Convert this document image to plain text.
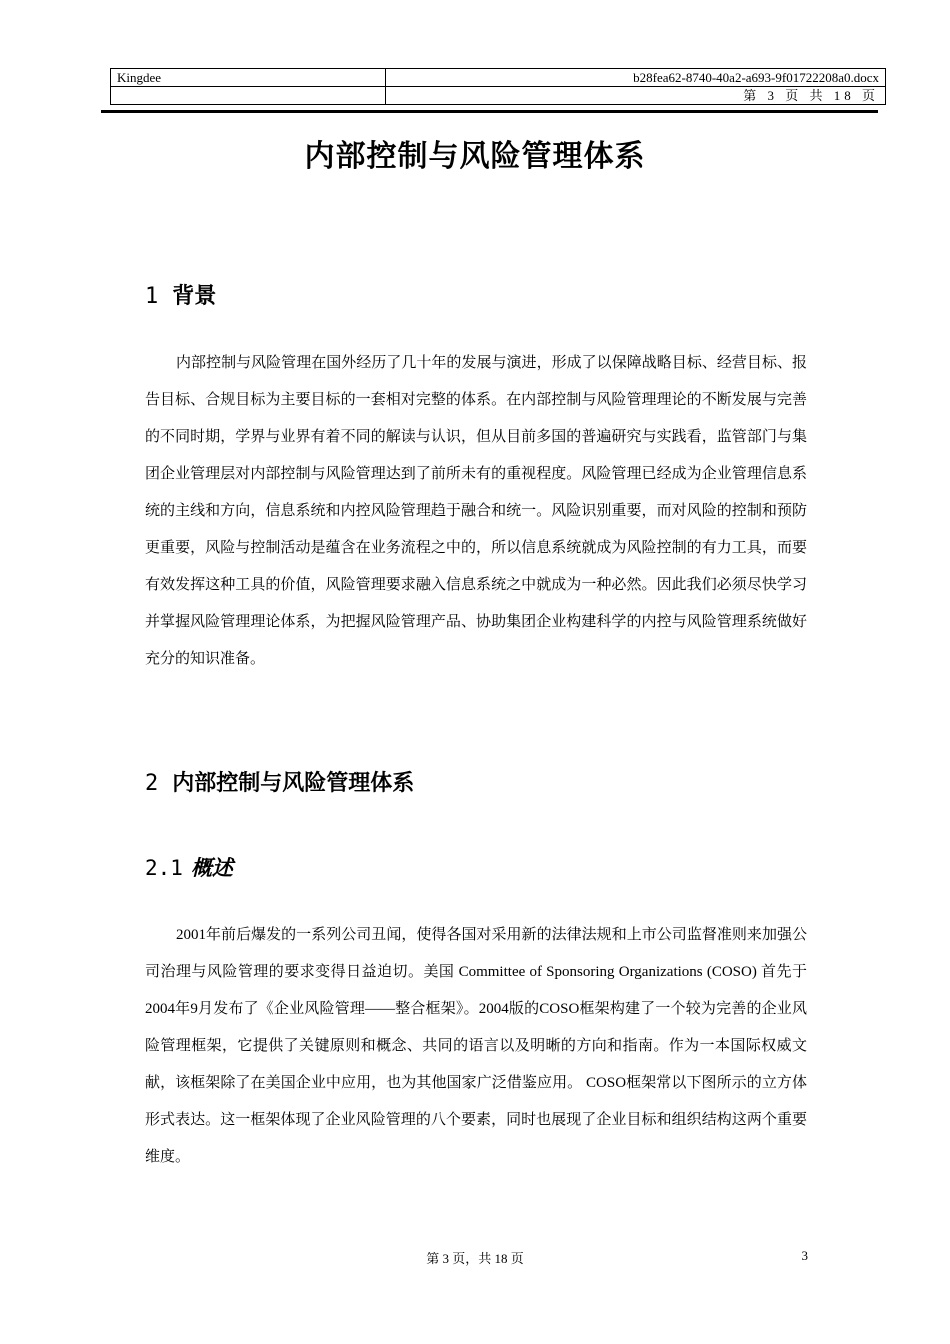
Kingdee	b28fea62-8740-40a2-a693-9f01722208a0.docx
	第 3 页 共 18 页
内部控制与风险管理体系
1 背景

内部控制与风险管理在国外经历了几十年的发展与演进，形成了以保障战略目标、经营目标、报告目标、合规目标为主要目标的一套相对完整的体系。在内部控制与风险管理理论的不断发展与完善的不同时期，学界与业界有着不同的解读与认识，但从目前多国的普遍研究与实践看，监管部门与集团企业管理层对内部控制与风险管理达到了前所未有的重视程度。风险管理已经成为企业管理信息系统的主线和方向，信息系统和内控风险管理趋于融合和统一。风险识别重要，而对风险的控制和预防更重要，风险与控制活动是蕴含在业务流程之中的，所以信息系统就成为风险控制的有力工具，而要有效发挥这种工具的价值，风险管理要求融入信息系统之中就成为一种必然。因此我们必须尽快学习并掌握风险管理理论体系，为把握风险管理产品、协助集团企业构建科学的内控与风险管理系统做好充分的知识准备。

2 内部控制与风险管理体系
2.1 概述

2001年前后爆发的一系列公司丑闻，使得各国对采用新的法律法规和上市公司监督准则来加强公司治理与风险管理的要求变得日益迫切。美国 Committee of Sponsoring Organizations (COSO) 首先于2004年9月发布了《企业风险管理——整合框架》。2004版的COSO框架构建了一个较为完善的企业风险管理框架，它提供了关键原则和概念、共同的语言以及明晰的方向和指南。作为一本国际权威文献，该框架除了在美国企业中应用，也为其他国家广泛借鉴应用。 COSO框架常以下图所示的立方体形式表达。这一框架体现了企业风险管理的八个要素，同时也展现了企业目标和组织结构这两个重要维度。

第 3 页，共 18 页	3
